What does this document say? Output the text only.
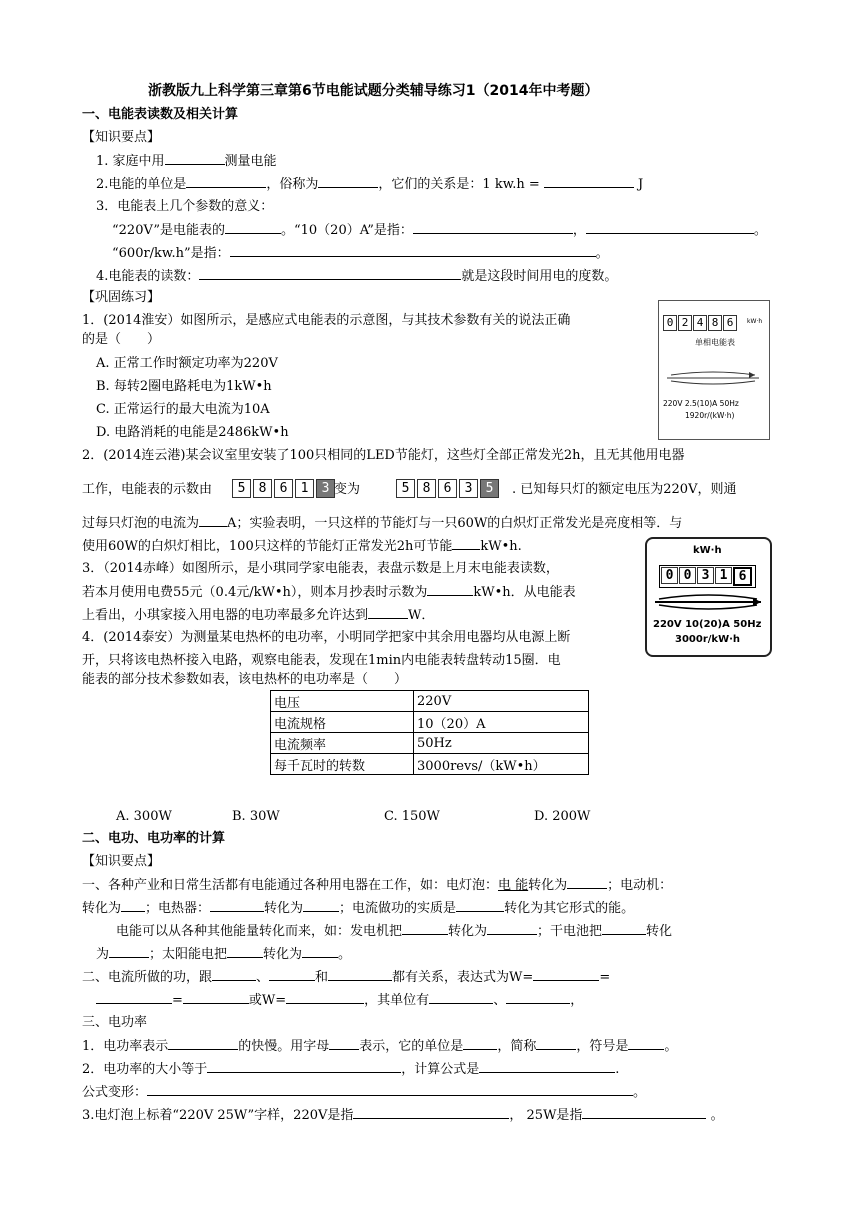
浙教版九上科学第三章第6节电能试题分类辅导练习1（2014年中考题）
一、电能表读数及相关计算
【知识要点】
1. 家庭中用	测量电能
2.电能的单位是	，俗称为	，它们的关系是：1 kw.h =	J
3．电能表上几个参数的意义：
“220V”是电能表的	。“10（20）A”是指：	，	。
“600r/kw.h”是指：	。
4.电能表的读数：	就是这段时间用电的度数。
【巩固练习】
1．(2014淮安）如图所示，是感应式电能表的示意图，与其技术参数有关的说法正确
的是（　　）
A. 正常工作时额定功率为220V
B. 每转2圈电路耗电为1kW•h
C. 正常运行的最大电流为10A
D. 电路消耗的电能是2486kW•h
0 2 4 8 6	kW·h
单相电能表
220V 2.5(10)A 50Hz
1920r/(kW·h)
2．(2014连云港)某会议室里安装了100只相同的LED节能灯，这些灯全部正常发光2h，且无其他用电器
工作，电能表的示数由	5	8	6	1	3 变为	5	8	6	3	5	. 已知每只灯的额定电压为220V，则通
过每只灯泡的电流为 A；实验表明，一只这样的节能灯与一只60W的白炽灯正常发光是亮度相等．与
使用60W的白炽灯相比，100只这样的节能灯正常发光2h可节能 kW•h.	kW·h
0 0 3 1 6
220V 10(20)A 50Hz
3000r/kW·h
3．（2014赤峰）如图所示，是小琪同学家电能表，表盘示数是上月末电能表读数，
若本月使用电费55元（0.4元/kW•h），则本月抄表时示数为	kW•h．从电能表
上看出，小琪家接入用电器的电功率最多允许达到	W．
4．(2014泰安）为测量某电热杯的电功率，小明同学把家中其余用电器均从电源上断
开，只将该电热杯接入电路，观察电能表，发现在1min内电能表转盘转动15圈．电
能表的部分技术参数如表，该电热杯的电功率是（　　）
电压	220V
电流规格	10（20）A
电流频率	50Hz
每千瓦时的转数	3000revs/（kW•h）
A. 300W	B. 30W	C. 150W	D. 200W
二、电功、电功率的计算
【知识要点】
一、各种产业和日常生活都有电能通过各种用电器在工作，如：电灯泡：电 能转化为	；电动机：
转化为 ；电热器：	转化为	；电流做功的实质是	转化为其它形式的能。
电能可以从各种其他能量转化而来，如：发电机把	转化为	；干电池把	转化
为	；太阳能电把	转化为	。
二、电流所做的功，跟	、	和	都有关系，表达式为W=	=
=	或W=	，其单位有	、	，
三、电功率
1．电功率表示	的快慢。用字母 表示，它的单位是	，简称	，符号是	。
2．电功率的大小等于	，计算公式是	.
公式变形：	。
3.电灯泡上标着“220V 25W”字样，220V是指	， 25W是指	。
